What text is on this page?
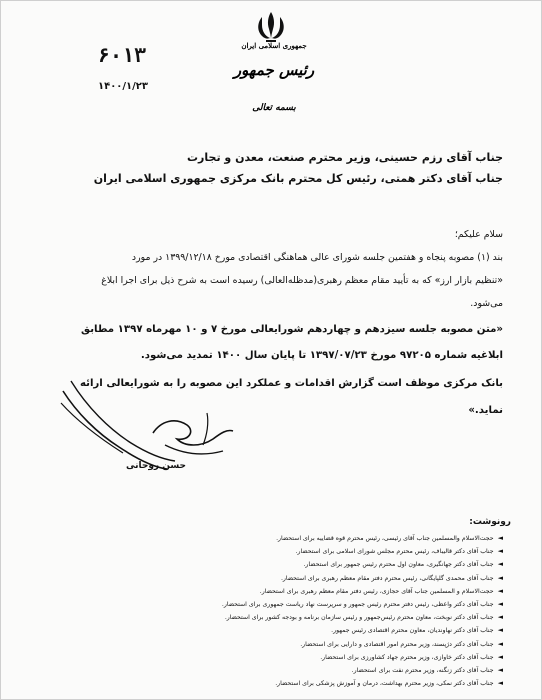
جمهوری اسلامی ایران
رئیس جمهور
بسمه تعالی
۶۰۱۳
۱۴۰۰/۱/۲۳
جناب آقای رزم حسینی، وزیر محترم صنعت، معدن و تجارت
جناب آقای دکتر همتی، رئیس کل محترم بانک مرکزی جمهوری اسلامی ایران
سلام علیکم؛
بند (۱) مصوبه پنجاه و هفتمین جلسه شورای عالی هماهنگی اقتصادی مورخ ۱۳۹۹/۱۲/۱۸ در مورد
«تنظیم بازار ارز» که به تأیید مقام معظم رهبری(مدظله‌العالی) رسیده است به شرح ذیل برای اجرا ابلاغ
می‌شود.
«متن مصوبه جلسه سیزدهم و چهاردهم شورایعالی مورخ ۷ و ۱۰ مهرماه ۱۳۹۷ مطابق
ابلاغیه شماره ۹۷۲۰۵ مورخ ۱۳۹۷/۰۷/۲۳ تا پایان سال ۱۴۰۰ تمدید می‌شود.
بانک مرکزی موظف است گزارش اقدامات و عملکرد این مصوبه را به شورایعالی ارائه
نماید.»
حسن روحانی
رونوشت:
◄حجت‌الاسلام والمسلمین جناب آقای رئیسی، رئیس محترم قوه قضاییه برای استحضار.
◄جناب آقای دکتر قالیباف، رئیس محترم مجلس شورای اسلامی برای استحضار.
◄جناب آقای دکتر جهانگیری، معاون اول محترم رئیس جمهور برای استحضار.
◄جناب آقای محمدی گلپایگانی، رئیس محترم دفتر مقام معظم رهبری برای استحضار.
◄حجت‌الاسلام و المسلمین جناب آقای حجازی، رئیس دفتر مقام معظم رهبری برای استحضار.
◄جناب آقای دکتر واعظی، رئیس دفتر محترم رئیس جمهور و سرپرست نهاد ریاست جمهوری برای استحضار.
◄جناب آقای دکتر نوبخت، معاون محترم رئیس‌جمهور و رئیس سازمان برنامه و بودجه کشور برای استحضار.
◄جناب آقای دکتر نهاوندیان، معاون محترم اقتصادی رئیس جمهور.
◄جناب آقای دکتر دژپسند، وزیر محترم امور اقتصادی و دارایی برای استحضار.
◄جناب آقای دکتر خاوازی، وزیر محترم جهاد کشاورزی برای استحضار.
◄جناب آقای دکتر زنگنه، وزیر محترم نفت برای استحضار.
◄جناب آقای دکتر نمکی، وزیر محترم بهداشت، درمان و آموزش پزشکی برای استحضار.
